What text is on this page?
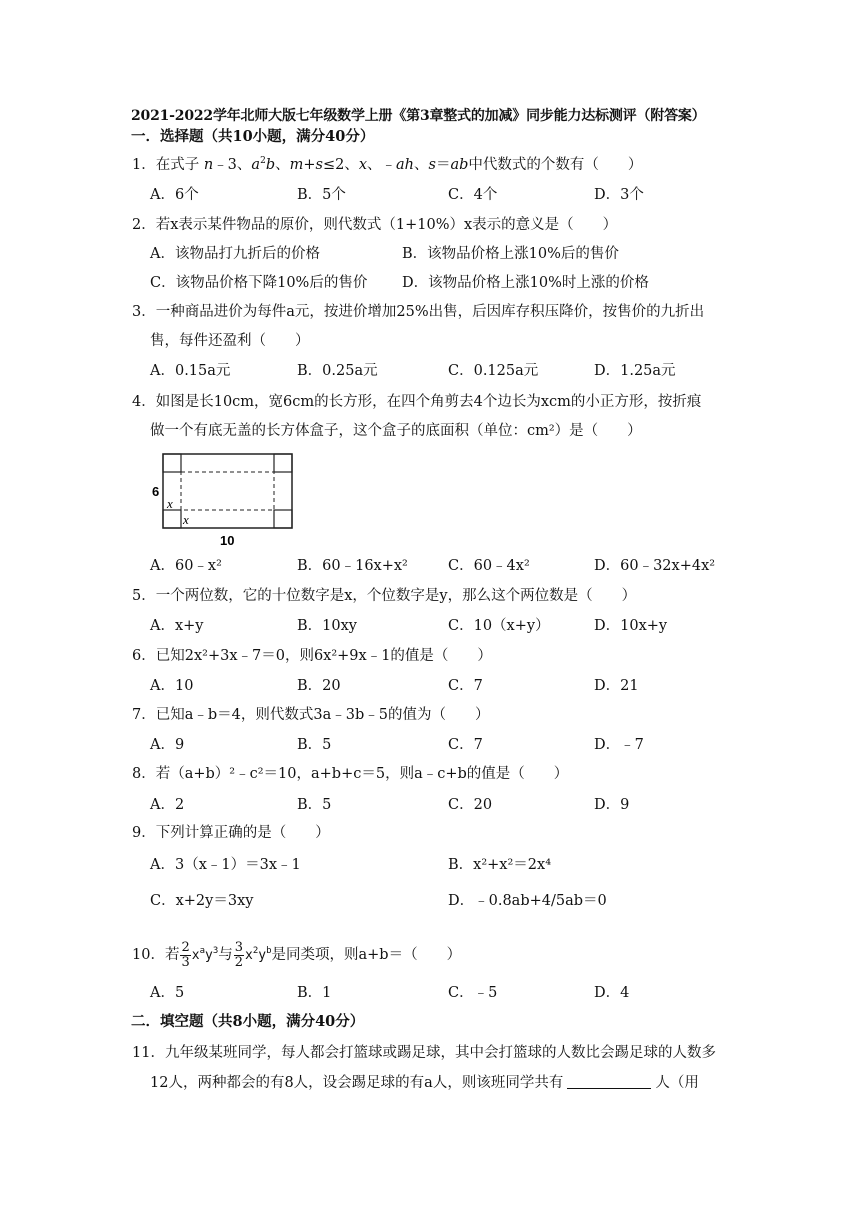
2021-2022学年北师大版七年级数学上册《第3章整式的加减》同步能力达标测评（附答案）
一．选择题（共10小题，满分40分）
1．在式子 n﹣3、$a^2b$、m+s≤2、x、﹣ah、s＝ab中代数式的个数有（　　）
A．6个	B．5个	C．4个	D．3个
2．若x表示某件物品的原价，则代数式（1+10%）x表示的意义是（　　）
A．该物品打九折后的价格	B．该物品价格上涨10%后的售价
C．该物品价格下降10%后的售价 D．该物品价格上涨10%时上涨的价格
3．一种商品进价为每件a元，按进价增加25%出售，后因库存积压降价，按售价的九折出
售，每件还盈利（　　）
A．0.15a元	B．0.25a元	C．0.125a元	D．1.25a元
4．如图是长10cm，宽6cm的长方形，在四个角剪去4个边长为xcm的小正方形，按折痕
做一个有底无盖的长方体盒子，这个盒子的底面积（单位：cm²）是（　　）
6
x
x
10
A．60﹣x²	B．60﹣16x+x²	C．60﹣4x²	D．60﹣32x+4x²
5．一个两位数，它的十位数字是x，个位数字是y，那么这个两位数是（　　）
A．x+y	B．10xy	C．10（x+y）	D．10x+y
6．已知2x²+3x﹣7＝0，则6x²+9x﹣1的值是（　　）
A．10	B．20	C．7	D．21
7．已知a﹣b＝4，则代数式3a﹣3b﹣5的值为（　　）
A．9	B．5	C．7	D．﹣7
8．若（a+b）²﹣c²＝10，a+b+c＝5，则a﹣c+b的值是（　　）
A．2	B．5	C．20	D．9
9．下列计算正确的是（　　）
A．3（x﹣1）＝3x﹣1	B．x²+x²＝2x⁴
C．x+2y＝3xy	D．﹣0.8ab+4/5ab＝0
10．若 $\frac{2}{3} x^ay^3$与 $\frac{3}{2} x^2y^b$是同类项，则a+b＝（　　）
A．5	B．1	C．﹣5	D．4
二．填空题（共8小题，满分40分）
11．九年级某班同学，每人都会打篮球或踢足球，其中会打篮球的人数比会踢足球的人数多
12人，两种都会的有8人，设会踢足球的有a人，则该班同学共有	人（用
